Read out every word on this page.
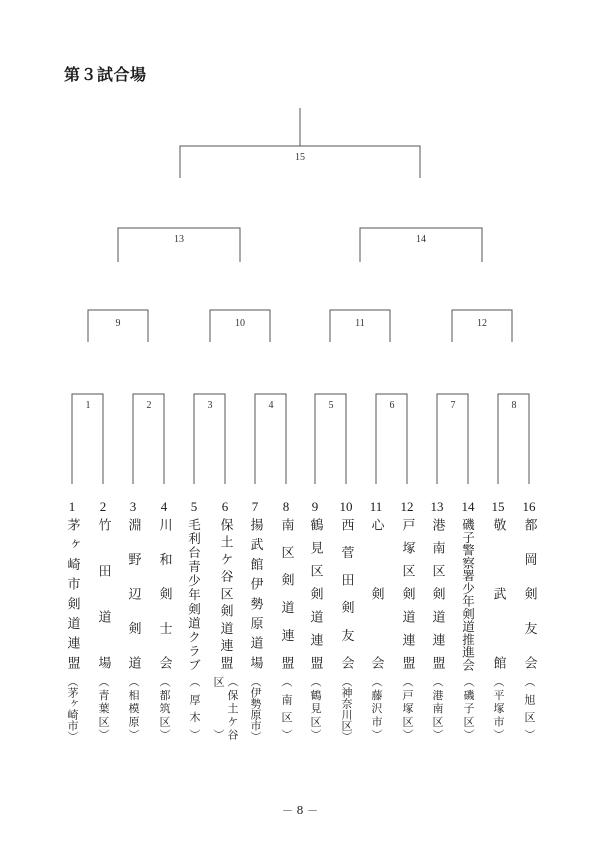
第３試合場
15
13	14
9	10	11	12
1	2	3	4	5	6	7	8
1
茅ヶ崎市剣道連盟
（茅ヶ崎市）
2
竹田道場
（青葉区）
3
淵野辺剣道
（相模原）
4
川和剣士会
（都筑区）
5
毛利台青少年剣道クラブ
（厚木）
6
保土ケ谷区剣道連盟
（保土ケ谷区）
7
揚武館伊勢原道場
（伊勢原市）
8
南区剣道連盟
（南区）
9
鶴見区剣道連盟
（鶴見区）
10
西菅田剣友会
（神奈川区）
11
心剣会
（藤沢市）
12
戸塚区剣道連盟
（戸塚区）
13
港南区剣道連盟
（港南区）
14
磯子警察署少年剣道推進会
（磯子区）
15
敬武館
（平塚市）
16
都岡剣友会
（旭区）
－ 8 －
